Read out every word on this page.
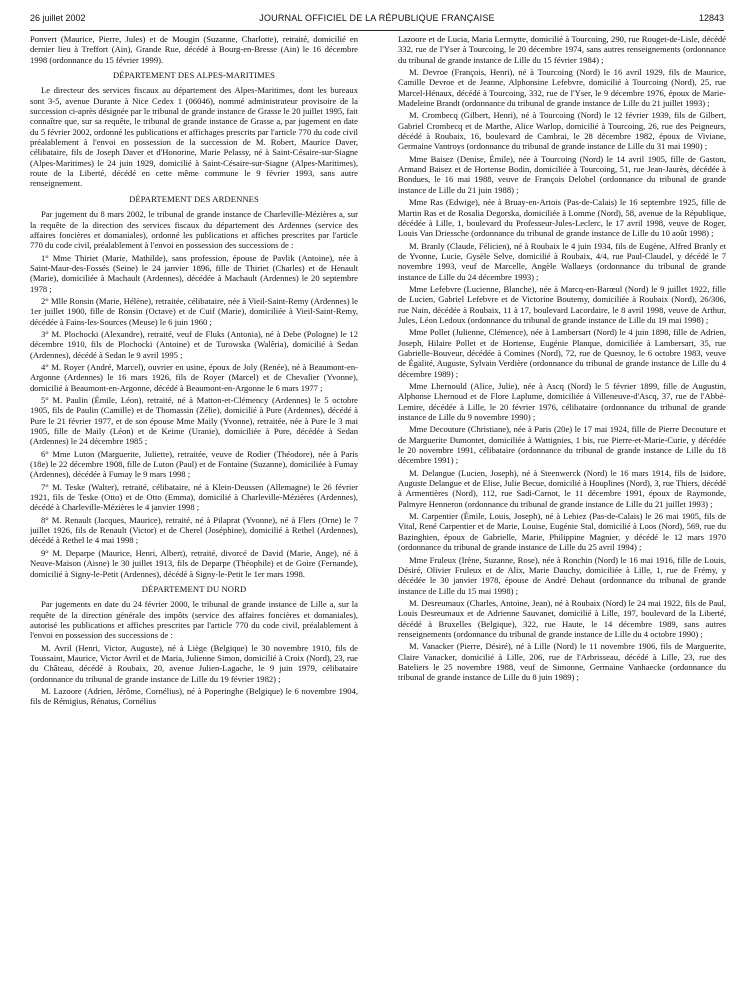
26 juillet 2002	JOURNAL OFFICIEL DE LA RÉPUBLIQUE FRANÇAISE	12843

Ponvert (Maurice, Pierre, Jules) et de Mougin (Suzanne, Charlotte), retraité, domicilié en dernier lieu à Treffort (Ain), Grande Rue, décédé à Bourg-en-Bresse (Ain) le 16 décembre 1998 (ordonnance du 15 février 1999).

DÉPARTEMENT DES ALPES-MARITIMES

Le directeur des services fiscaux au département des Alpes-Maritimes, dont les bureaux sont 3-5, avenue Durante à Nice Cedex 1 (06046), nommé administrateur provisoire de la succession ci-après désignée par le tribunal de grande instance de Grasse le 20 juillet 1995, fait connaître que, sur sa requête, le tribunal de grande instance de Grasse a, par jugement en date du 5 février 2002, ordonné les publications et affichages prescrits par l'article 770 du code civil préalablement à l'envoi en possession de la succession de M. Robert, Maurice Daver, célibataire, fils de Joseph Daver et d'Honorine, Marie Pelassy, né à Saint-Césaire-sur-Siagne (Alpes-Maritimes) le 24 juin 1929, domicilié à Saint-Césaire-sur-Siagne (Alpes-Maritimes), route de la Liberté, décédé en cette même commune le 9 février 1993, sans autre renseignement.

DÉPARTEMENT DES ARDENNES

Par jugement du 8 mars 2002, le tribunal de grande instance de Charleville-Mézières a, sur la requête de la direction des services fiscaux du département des Ardennes (service des affaires foncières et domaniales), ordonné les publications et affiches prescrites par l'article 770 du code civil, préalablement à l'envoi en possession des successions de :

1° Mme Thiriet (Marie, Mathilde), sans profession, épouse de Pavlik (Antoine), née à Saint-Maur-des-Fossés (Seine) le 24 janvier 1896, fille de Thiriet (Charles) et de Henault (Marie), domiciliée à Machault (Ardennes), décédée à Machault (Ardennes) le 20 septembre 1978 ;

2° Mlle Ronsin (Marie, Hélène), retraitée, célibataire, née à Vieil-Saint-Remy (Ardennes) le 1er juillet 1900, fille de Ronsin (Octave) et de Cuif (Marie), domiciliée à Vieil-Saint-Remy, décédée à Fains-les-Sources (Meuse) le 6 juin 1960 ;

3° M. Plochocki (Alexandre), retraité, veuf de Fluks (Antonia), né à Debe (Pologne) le 12 décembre 1910, fils de Plochocki (Antoine) et de Turowska (Walêria), domicilié à Sedan (Ardennes), décédé à Sedan le 9 avril 1995 ;

4° M. Royer (André, Marcel), ouvrier en usine, époux de Joly (Renée), né à Beaumont-en-Argonne (Ardennes) le 16 mars 1926, fils de Royer (Marcel) et de Chevalier (Yvonne), domicilié à Beaumont-en-Argonne, décédé à Beaumont-en-Argonne le 6 mars 1977 ;

5° M. Paulin (Émile, Léon), retraité, né à Matton-et-Clémency (Ardennes) le 5 octobre 1905, fils de Paulin (Camille) et de Thomassin (Zélie), domicilié à Pure (Ardennes), décédé à Pure le 21 février 1977, et de son épouse Mme Maily (Yvonne), retraitée, née à Pure le 3 mai 1905, fille de Maily (Léon) et de Keime (Uranie), domiciliée à Pure, décédée à Sedan (Ardennes) le 24 décembre 1985 ;

6° Mme Luton (Marguerite, Juliette), retraitée, veuve de Rodier (Théodore), née à Paris (18e) le 22 décembre 1908, fille de Luton (Paul) et de Fontaine (Suzanne), domiciliée à Fumay (Ardennes), décédée à Fumay le 9 mars 1998 ;

7° M. Teske (Walter), retraité, célibataire, né à Klein-Deussen (Allemagne) le 26 février 1921, fils de Teske (Otto) et de Otto (Emma), domicilié à Charleville-Mézières (Ardennes), décédé à Charleville-Mézières le 4 janvier 1998 ;

8° M. Renault (Jacques, Maurice), retraité, né à Pilaprat (Yvonne), né à Flers (Orne) le 7 juillet 1926, fils de Renault (Victor) et de Cherel (Joséphine), domicilié à Rethel (Ardennes), décédé à Rethel le 4 mai 1998 ;

9° M. Deparpe (Maurice, Henri, Albert), retraité, divorcé de David (Marie, Ange), né à Neuve-Maison (Aisne) le 30 juillet 1913, fils de Deparpe (Théophile) et de Goire (Fernande), domicilié à Signy-le-Petit (Ardennes), décédé à Signy-le-Petit le 1er mars 1998.

DÉPARTEMENT DU NORD

Par jugements en date du 24 février 2000, le tribunal de grande instance de Lille a, sur la requête de la direction générale des impôts (service des affaires foncières et domaniales), autorisé les publications et affiches prescrites par l'article 770 du code civil, préalablement à l'envoi en possession des successions de :

M. Avril (Henri, Victor, Auguste), né à Liège (Belgique) le 30 novembre 1910, fils de Toussaint, Maurice, Victor Avril et de Maria, Julienne Simon, domicilié à Croix (Nord), 23, rue du Château, décédé à Roubaix, 20, avenue Julien-Lagache, le 9 juin 1979, célibataire (ordonnance du tribunal de grande instance de Lille du 19 février 1982) ;

M. Lazoore (Adrien, Jérôme, Cornélius), né à Poperinghe (Belgique) le 6 novembre 1904, fils de Rémigius, Rénatus, Cornélius

Lazoore et de Lucia, Maria Lermytte, domicilié à Tourcoing, 290, rue Rouget-de-Lisle, décédé 332, rue de l'Yser à Tourcoing, le 20 décembre 1974, sans autres renseignements (ordonnance du tribunal de grande instance de Lille du 15 février 1984) ;

M. Devroe (François, Henri), né à Tourcoing (Nord) le 16 avril 1929, fils de Maurice, Camille Devroe et de Jeanne, Alphonsine Lefebvre, domicilié à Tourcoing (Nord), 25, rue Marcel-Hénaux, décédé à Tourcoing, 332, rue de l'Yser, le 9 décembre 1976, époux de Marie-Madeleine Brandt (ordonnance du tribunal de grande instance de Lille du 21 juillet 1993) ;

M. Crombecq (Gilbert, Henri), né à Tourcoing (Nord) le 12 février 1939, fils de Gilbert, Gabriel Crombecq et de Marthe, Alice Warlop, domicilié à Tourcoing, 26, rue des Peigneurs, décédé à Roubaix, 16, boulevard de Cambrai, le 28 décembre 1982, époux de Viviane, Germaine Vantroys (ordonnance du tribunal de grande instance de Lille du 31 mai 1990) ;

Mme Baisez (Denise, Émile), née à Tourcoing (Nord) le 14 avril 1905, fille de Gaston, Armand Baisez et de Hortense Bodin, domiciliée à Tourcoing, 51, rue Jean-Jaurès, décédée à Bondues, le 16 mai 1988, veuve de François Delobel (ordonnance du tribunal de grande instance de Lille du 21 juin 1988) ;

Mme Ras (Edwige), née à Bruay-en-Artois (Pas-de-Calais) le 16 septembre 1925, fille de Martin Ras et de Rosalia Degorska, domiciliée à Lomme (Nord), 58, avenue de la République, décédée à Lille, 1, boulevard du Professeur-Jules-Leclerc, le 17 avril 1998, veuve de Roger, Louis Van Driessche (ordonnance du tribunal de grande instance de Lille du 10 août 1998) ;

M. Branly (Claude, Félicien), né à Roubaix le 4 juin 1934, fils de Eugène, Alfred Branly et de Yvonne, Lucie, Gysèle Selve, domicilié à Roubaix, 4/4, rue Paul-Claudel, y décédé le 7 novembre 1993, veuf de Marcelle, Angèle Wallaeys (ordonnance du tribunal de grande instance de Lille du 24 décembre 1993) ;

Mme Lefebvre (Lucienne, Blanche), née à Marcq-en-Barœul (Nord) le 9 juillet 1922, fille de Lucien, Gabriel Lefebvre et de Victorine Boutemy, domiciliée à Roubaix (Nord), 26/306, rue Nain, décédée à Roubaix, 11 à 17, boulevard Lacordaire, le 8 avril 1998, veuve de Arthur, Jules, Léon Ledoux (ordonnance du tribunal de grande instance de Lille du 19 mai 1998) ;

Mme Pollet (Julienne, Clémence), née à Lambersart (Nord) le 4 juin 1898, fille de Adrien, Joseph, Hilaire Pollet et de Hortense, Eugénie Planque, domiciliée à Lambersart, 35, rue Gabrielle-Bouveur, décédée à Comines (Nord), 72, rue de Quesnoy, le 6 octobre 1983, veuve de Égalité, Auguste, Sylvain Verdière (ordonnance du tribunal de grande instance de Lille du 4 décembre 1989) ;

Mme Lhernould (Alice, Julie), née à Ascq (Nord) le 5 février 1899, fille de Augustin, Alphonse Lhernoud et de Flore Laplume, domiciliée à Villeneuve-d'Ascq, 37, rue de l'Abbé-Lemire, décédée à Lille, le 20 février 1976, célibataire (ordonnance du tribunal de grande instance de Lille du 9 novembre 1990) ;

Mme Decouture (Christiane), née à Paris (20e) le 17 mai 1924, fille de Pierre Decouture et de Marguerite Dumontet, domiciliée à Wattignies, 1 bis, rue Pierre-et-Marie-Curie, y décédée le 20 novembre 1991, célibataire (ordonnance du tribunal de grande instance de Lille du 18 décembre 1991) ;

M. Delangue (Lucien, Joseph), né à Steenwerck (Nord) le 16 mars 1914, fils de Isidore, Auguste Delangue et de Elise, Julie Becue, domicilié à Houplines (Nord), 3, rue Thiers, décédé à Armentières (Nord), 112, rue Sadi-Carnot, le 11 décembre 1991, époux de Raymonde, Palmyre Henneron (ordonnance du tribunal de grande instance de Lille du 21 juillet 1993) ;

M. Carpentier (Émile, Louis, Joseph), né à Lebiez (Pas-de-Calais) le 26 mai 1905, fils de Vital, René Carpentier et de Marie, Louise, Eugénie Stal, domicilié à Loos (Nord), 569, rue du Bazinghien, époux de Gabrielle, Marie, Philippine Magnier, y décédé le 12 mars 1970 (ordonnance du tribunal de grande instance de Lille du 25 avril 1994) ;

Mme Fruleux (Irène, Suzanne, Rose), née à Ronchin (Nord) le 16 mai 1916, fille de Louis, Désiré, Olivier Fruleux et de Alix, Marie Dauchy, domiciliée à Lille, 1, rue de Frémy, y décédée le 30 janvier 1978, épouse de André Dehaut (ordonnance du tribunal de grande instance de Lille du 15 mai 1998) ;

M. Desreumaux (Charles, Antoine, Jean), né à Roubaix (Nord) le 24 mai 1922, fils de Paul, Louis Desreumaux et de Adrienne Sauvanet, domicilié à Lille, 197, boulevard de la Liberté, décédé à Bruxelles (Belgique), 322, rue Haute, le 14 décembre 1989, sans autres renseignements (ordonnance du tribunal de grande instance de Lille du 4 octobre 1990) ;

M. Vanacker (Pierre, Désiré), né à Lille (Nord) le 11 novembre 1906, fils de Marguerite, Claire Vanacker, domicilié à Lille, 206, rue de l'Arbrisseau, décédé à Lille, 23, rue des Bateliers le 25 novembre 1988, veuf de Simonne, Germaine Vanhaecke (ordonnance du tribunal de grande instance de Lille du 8 juin 1989) ;
